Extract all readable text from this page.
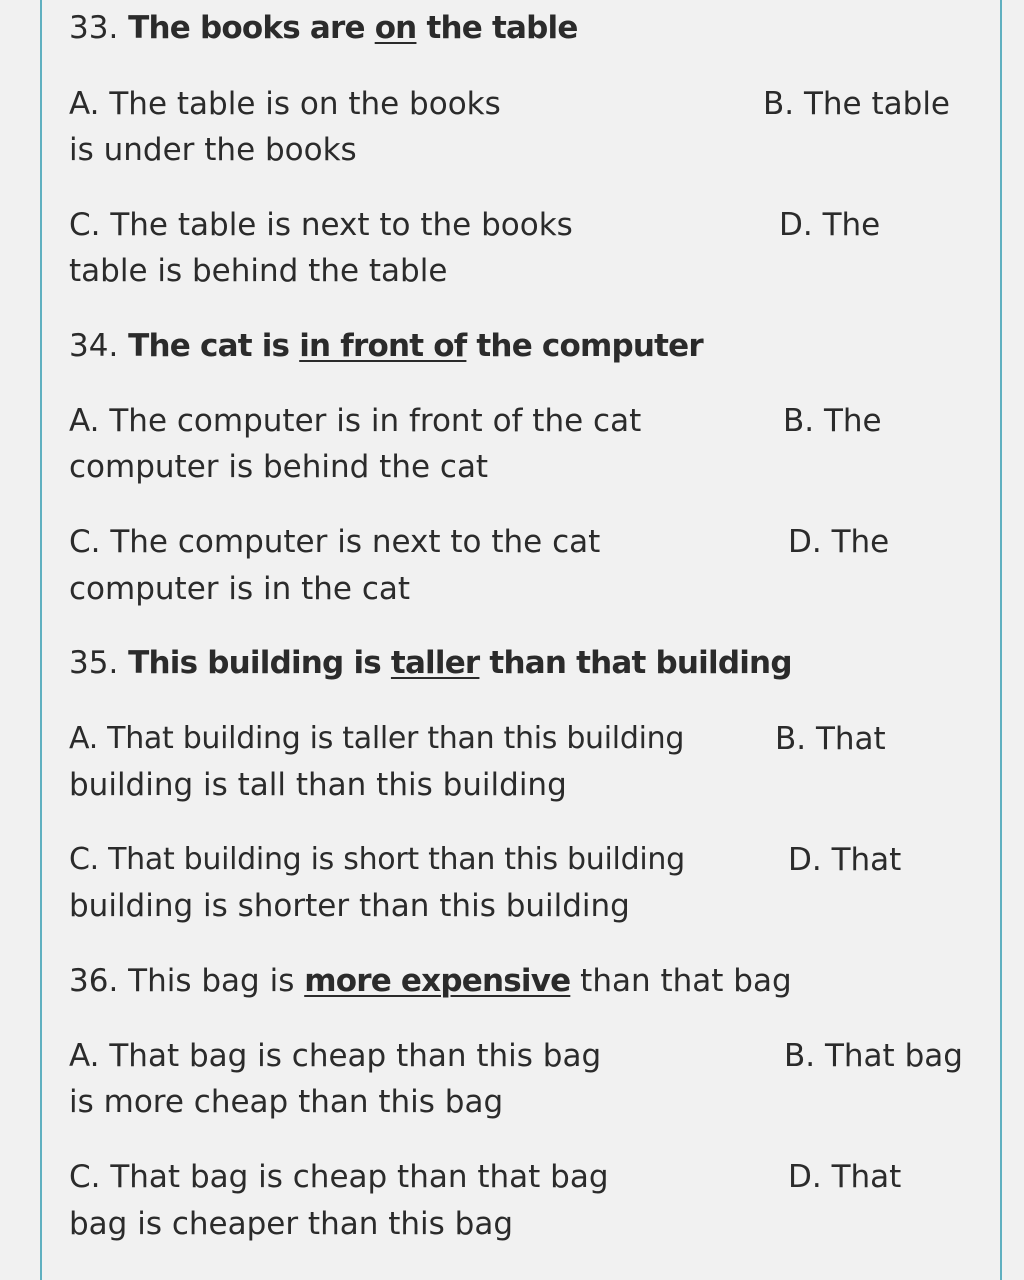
33. The books are on the table
A. The table is on the books	B. The table
is under the books
C. The table is next to the books	D. The
table is behind the table
34. The cat is in front of the computer
A. The computer is in front of the cat	B. The
computer is behind the cat
C. The computer is next to the cat	D. The
computer is in the cat
35. This building is taller than that building
A. That building is taller than this building	B. That
building is tall than this building
C. That building is short than this building	D. That
building is shorter than this building
36. This bag is more expensive than that bag
A. That bag is cheap than this bag	B. That bag
is more cheap than this bag
C. That bag is cheap than that bag	D. That
bag is cheaper than this bag
